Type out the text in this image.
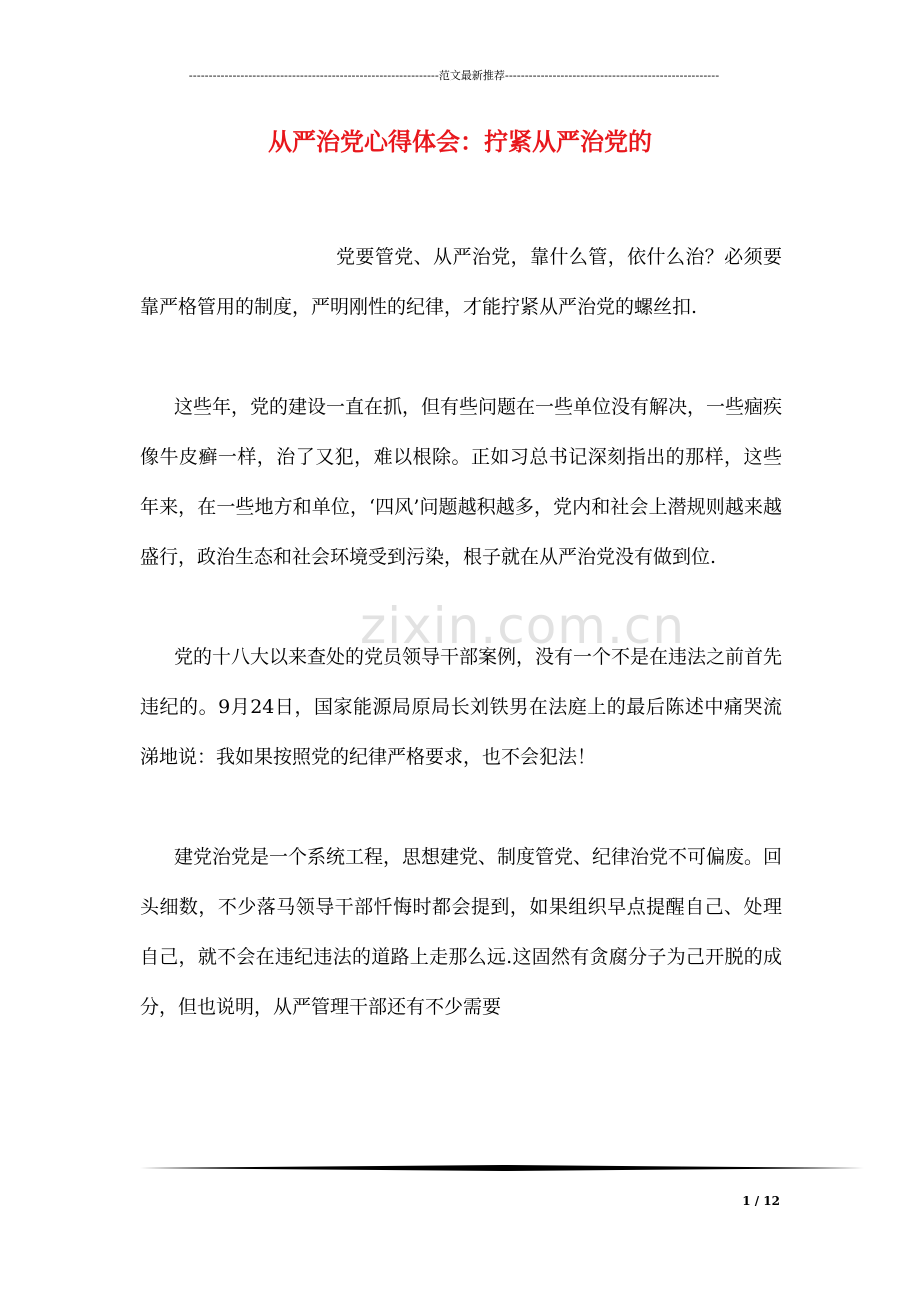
---------------------------------------------------------------范文最新推荐------------------------------------------------------
从严治党心得体会：拧紧从严治党的

党要管党、从严治党，靠什么管，依什么治？必须要靠严格管用的制度，严明刚性的纪律，才能拧紧从严治党的螺丝扣.

这些年，党的建设一直在抓，但有些问题在一些单位没有解决，一些痼疾像牛皮癣一样，治了又犯，难以根除。正如习总书记深刻指出的那样，这些年来，在一些地方和单位，‘四风’问题越积越多，党内和社会上潜规则越来越盛行，政治生态和社会环境受到污染，根子就在从严治党没有做到位.

党的十八大以来查处的党员领导干部案例，没有一个不是在违法之前首先违纪的。9月24日，国家能源局原局长刘铁男在法庭上的最后陈述中痛哭流涕地说：我如果按照党的纪律严格要求，也不会犯法！

建党治党是一个系统工程，思想建党、制度管党、纪律治党不可偏废。回头细数，不少落马领导干部忏悔时都会提到，如果组织早点提醒自己、处理自己，就不会在违纪违法的道路上走那么远.这固然有贪腐分子为己开脱的成分，但也说明，从严管理干部还有不少需要

zixin.com.cn
1 / 12
